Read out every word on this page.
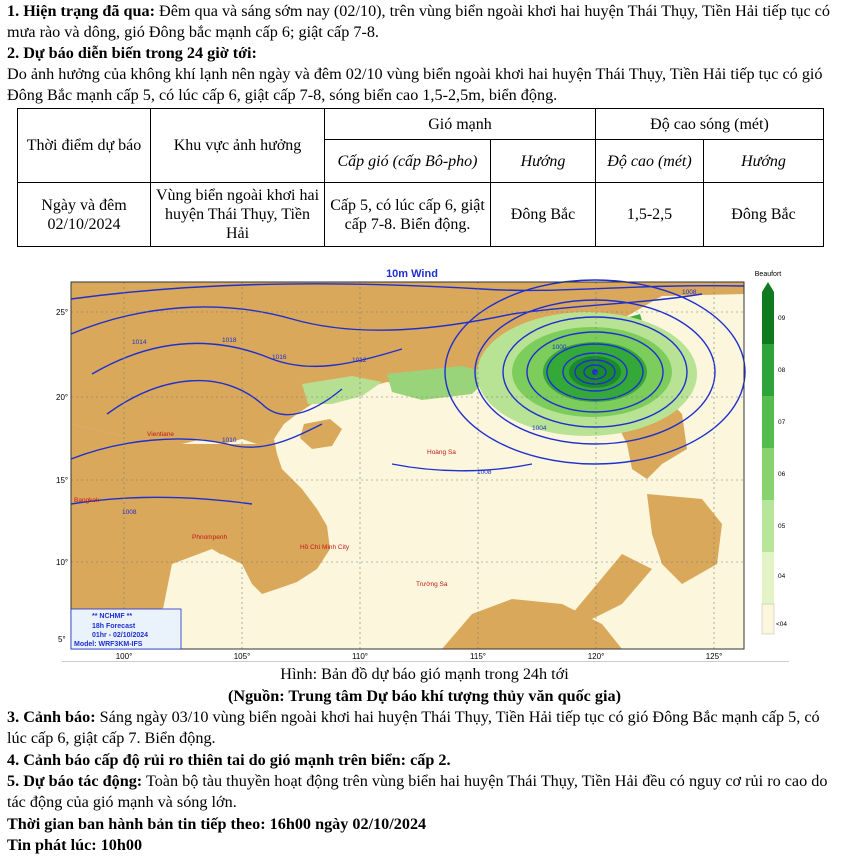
1. Hiện trạng đã qua: Đêm qua và sáng sớm nay (02/10), trên vùng biển ngoài khơi hai huyện Thái Thụy, Tiền Hải tiếp tục có mưa rào và dông, gió Đông bắc mạnh cấp 6; giật cấp 7-8.

2. Dự báo diễn biến trong 24 giờ tới:

Do ảnh hưởng của không khí lạnh nên ngày và đêm 02/10 vùng biển ngoài khơi hai huyện Thái Thụy, Tiền Hải tiếp tục có gió Đông Bắc mạnh cấp 5, có lúc cấp 6, giật cấp 7-8, sóng biển cao 1,5-2,5m, biển động.

Thời điểm dự báo	Khu vực ảnh hưởng	Gió mạnh		Độ cao sóng (mét)	
		Cấp gió (cấp Bô-pho)	Hướng	Độ cao (mét)	Hướng
Ngày và đêm 02/10/2024	Vùng biển ngoài khơi hai huyện Thái Thụy, Tiền Hải	Cấp 5, có lúc cấp 6, giật cấp 7-8. Biển động.	Đông Bắc	1,5-2,5	Đông Bắc
10m Wind
25°
20°
15°
10°
5°
100°	105°	110°	115°	120°	125°
1018
1016
1014
1012
1010
1008
1008
1004
1000
1008
Hoàng Sa
Trường Sa
Bangkok
Phnompenh
Vientiane
Hồ Chí Minh City
** NCHMF **
18h Forecast
01hr - 02/10/2024
Model: WRF3KM-IFS
Beaufort
09
08
07
06
05
04
<04
Hình: Bản đồ dự báo gió mạnh trong 24h tới
(Nguồn: Trung tâm Dự báo khí tượng thủy văn quốc gia)

3. Cảnh báo: Sáng ngày 03/10 vùng biển ngoài khơi hai huyện Thái Thụy, Tiền Hải tiếp tục có gió Đông Bắc mạnh cấp 5, có lúc cấp 6, giật cấp 7. Biển động.

4. Cảnh báo cấp độ rủi ro thiên tai do gió mạnh trên biển: cấp 2.

5. Dự báo tác động: Toàn bộ tàu thuyền hoạt động trên vùng biển hai huyện Thái Thụy, Tiền Hải đều có nguy cơ rủi ro cao do tác động của gió mạnh và sóng lớn.

Thời gian ban hành bản tin tiếp theo: 16h00 ngày 02/10/2024

Tin phát lúc: 10h00
